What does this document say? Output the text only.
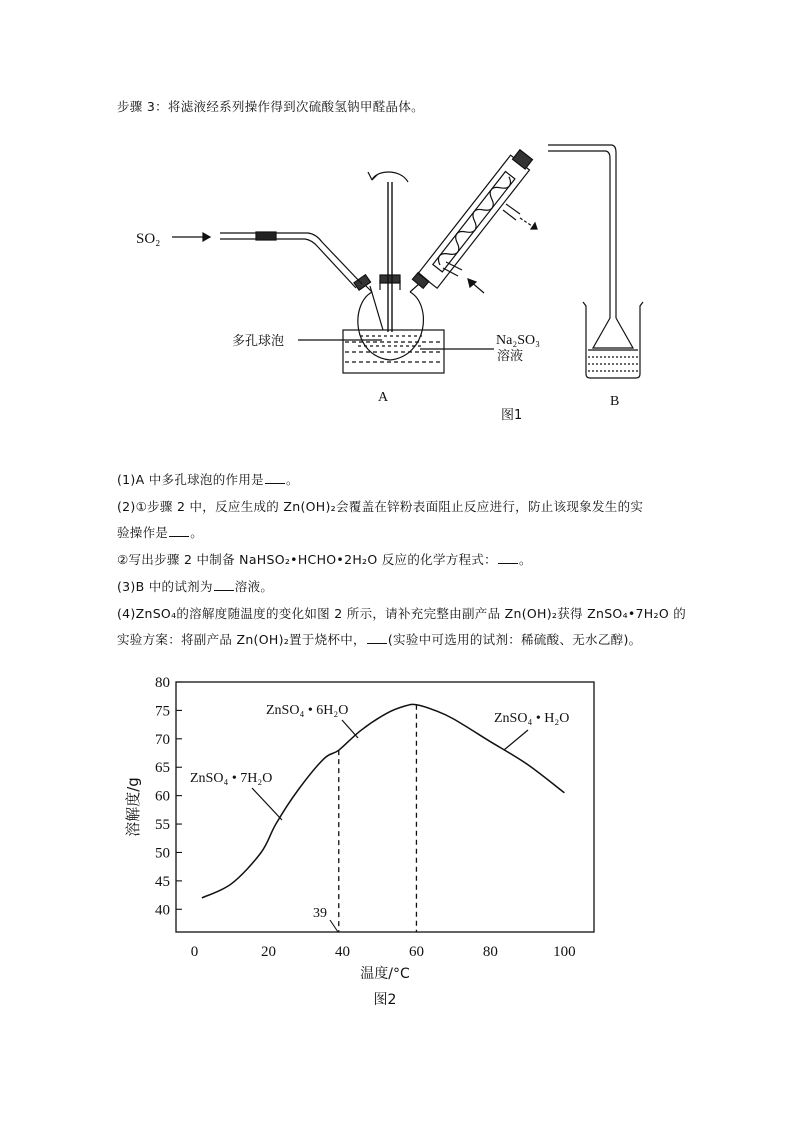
步骤 3：将滤液经系列操作得到次硫酸氢钠甲醛晶体。
SO₂
多孔球泡	Na₂SO₃
溶液
A	B
图1
(1)A 中多孔球泡的作用是 。
(2)①步骤 2 中，反应生成的 Zn(OH)₂会覆盖在锌粉表面阻止反应进行，防止该现象发生的实
验操作是 。
②写出步骤 2 中制备 NaHSO₂•HCHO•2H₂O 反应的化学方程式： 。
(3)B 中的试剂为 溶液。
(4)ZnSO₄的溶解度随温度的变化如图 2 所示，请补充完整由副产品 Zn(OH)₂获得 ZnSO₄•7H₂O 的
实验方案：将副产品 Zn(OH)₂置于烧杯中， (实验中可选用的试剂：稀硫酸、无水乙醇)。
0	20	40	60	80	100
40
45
50
55
60
65
70
75
80
ZnSO₄ • 7H₂O
ZnSO₄ • 6H₂O
ZnSO₄ • H₂O
39
温度/°C
图2
溶解度/g
